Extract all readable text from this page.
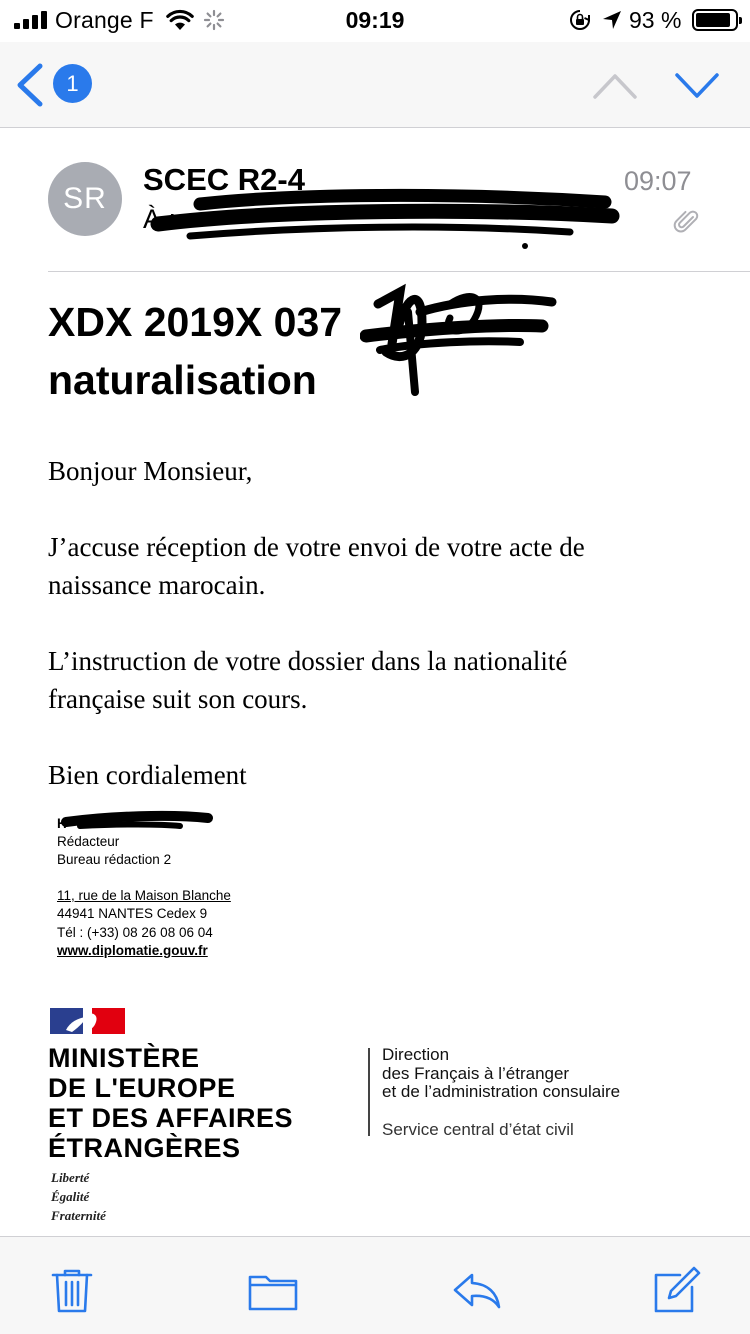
Orange F	09:19	93 %
1
SR
SCEC R2-4
À :
09:07
XDX 2019X 037
naturalisation
Bonjour Monsieur,
J’accuse réception de votre envoi de votre acte de
naissance marocain.
L’instruction de votre dossier dans la nationalité
française suit son cours.
Bien cordialement
H
Rédacteur
Bureau rédaction 2
11, rue de la Maison Blanche
44941 NANTES Cedex 9
Tél : (+33) 08 26 08 06 04
www.diplomatie.gouv.fr
MINISTÈRE
DE L'EUROPE
ET DES AFFAIRES
ÉTRANGÈRES
Liberté
Égalité
Fraternité
Direction
des Français à l’étranger
et de l’administration consulaire
Service central d’état civil
